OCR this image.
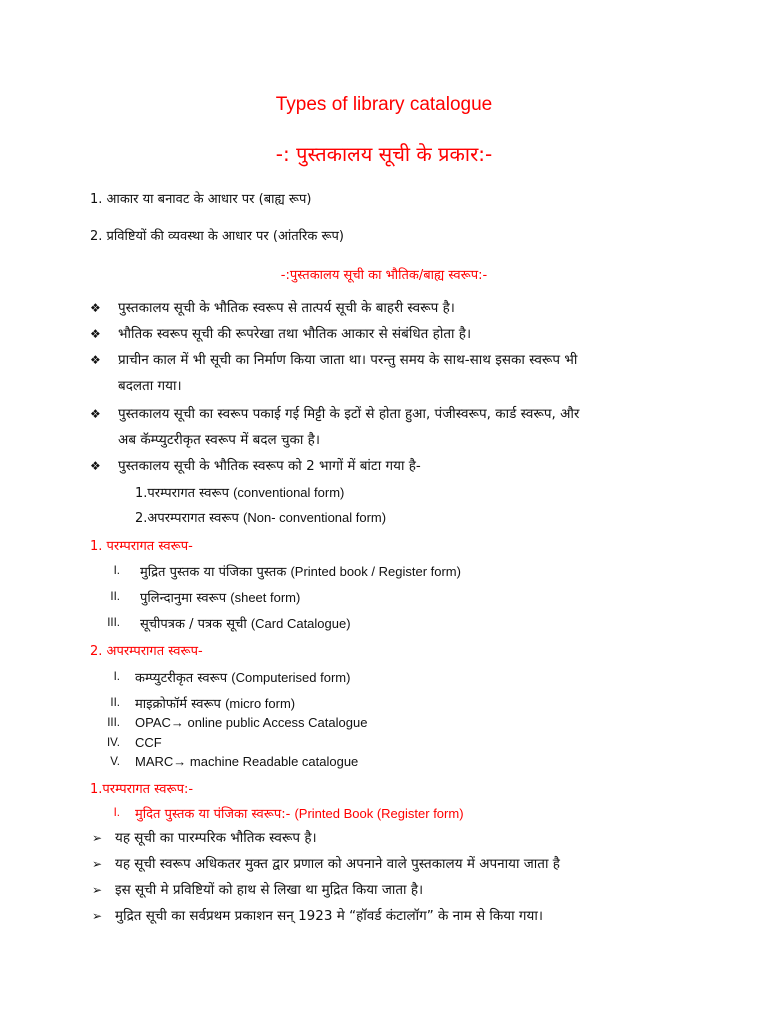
Types of library catalogue
-: पुस्तकालय सूची के प्रकार:-
1. आकार या बनावट के आधार पर (बाह्य रूप)
2. प्रविष्टियों की व्यवस्था के आधार पर (आंतरिक रूप)
-:पुस्तकालय सूची का भौतिक/बाह्य स्वरूप:-
❖ पुस्तकालय सूची के भौतिक स्वरूप से तात्पर्य सूची के बाहरी स्वरूप है।
❖ भौतिक स्वरूप सूची की रूपरेखा तथा भौतिक आकार से संबंधित होता है।
❖ प्राचीन काल में भी सूची का निर्माण किया जाता था। परन्तु समय के साथ-साथ इसका स्वरूप भी
बदलता गया।
❖ पुस्तकालय सूची का स्वरूप पकाई गई मिट्टी के इटों से होता हुआ, पंजीस्वरूप, कार्ड स्वरूप, और
अब कॅम्प्युटरीकृत स्वरूप में बदल चुका है।
❖ पुस्तकालय सूची के भौतिक स्वरूप को 2 भागों में बांटा गया है-
1.परम्परागत स्वरूप (conventional form)
2.अपरम्परागत स्वरूप (Non- conventional form)
1. परम्परागत स्वरूप-
I. मुद्रित पुस्तक या पंजिका पुस्तक (Printed book / Register form)
II. पुलिन्दानुमा स्वरूप (sheet form)
III. सूचीपत्रक / पत्रक सूची (Card Catalogue)
2. अपरम्परागत स्वरूप-
I. कम्प्युटरीकृत स्वरूप (Computerised form)
II. माइक्रोफॉर्म स्वरूप (micro form)
III. OPAC→ online public Access Catalogue
IV. CCF
V. MARC→ machine Readable catalogue
1.परम्परागत स्वरूप:-
I. मुदित पुस्तक या पंजिका स्वरूप:- (Printed Book (Register form)
➢ यह सूची का पारम्परिक भौतिक स्वरूप है।
➢ यह सूची स्वरूप अधिकतर मुक्त द्वार प्रणाल को अपनाने वाले पुस्तकालय में अपनाया जाता है
➢ इस सूची मे प्रविष्टियों को हाथ से लिखा था मुद्रित किया जाता है।
➢ मुद्रित सूची का सर्वप्रथम प्रकाशन सन् 1923 मे “हॉवर्ड कंटालॉग” के नाम से किया गया।
